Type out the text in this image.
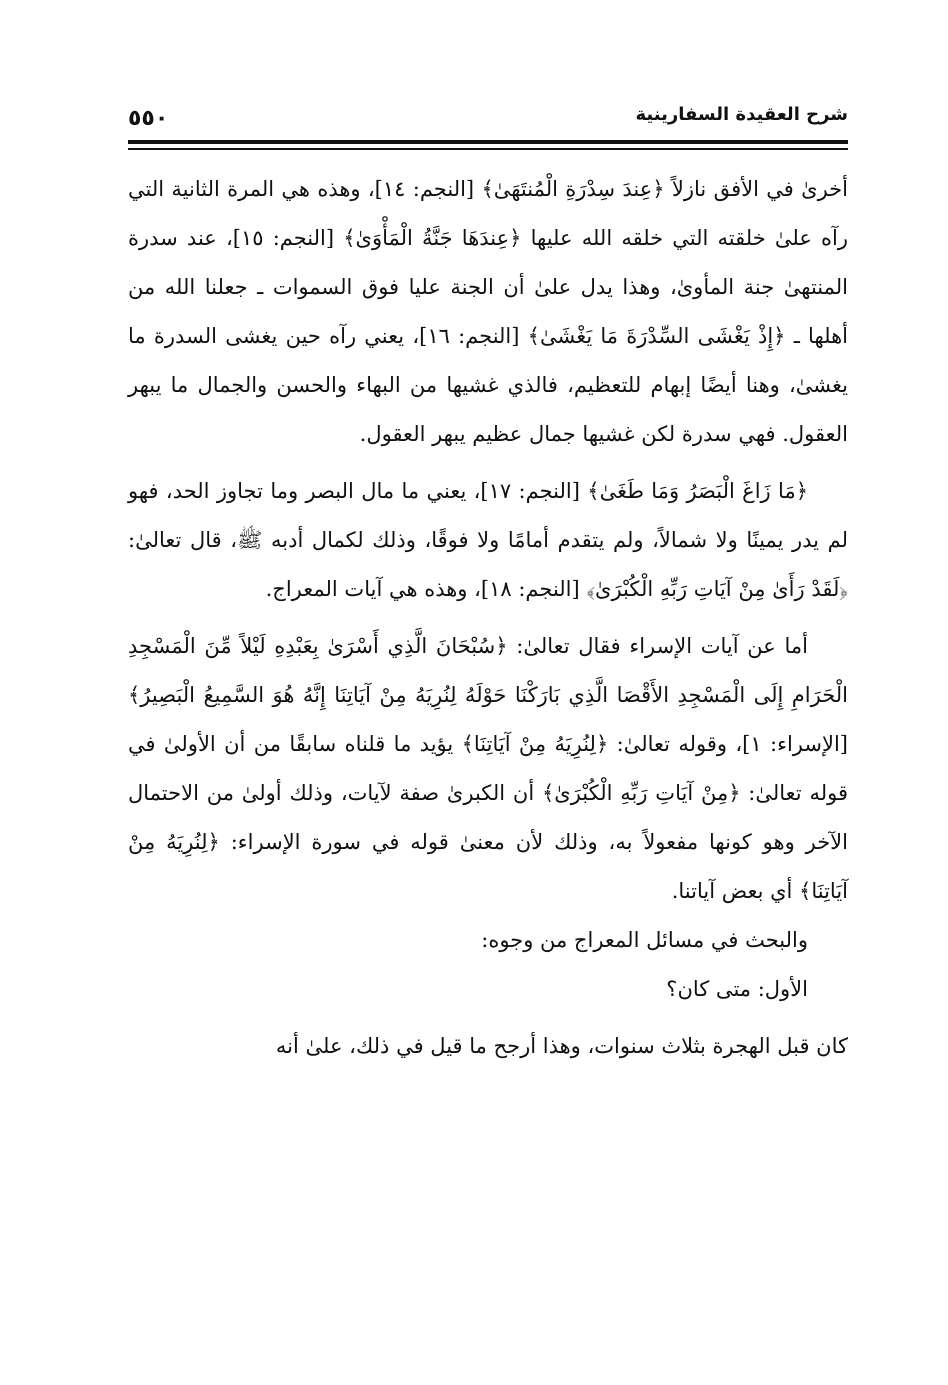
٥٥٠	شرح العقيدة السفارينية

أخرىٰ في الأفق نازلاً ﴿عِندَ سِدْرَةِ الْمُنتَهَىٰ﴾ [النجم: ١٤]، وهذه هي المرة الثانية التي رآه علىٰ خلقته التي خلقه الله عليها ﴿عِندَهَا جَنَّةُ الْمَأْوَىٰ﴾ [النجم: ١٥]، عند سدرة المنتهىٰ جنة المأوىٰ، وهذا يدل علىٰ أن الجنة عليا فوق السموات ـ جعلنا الله من أهلها ـ ﴿إِذْ يَغْشَى السِّدْرَةَ مَا يَغْشَىٰ﴾ [النجم: ١٦]، يعني رآه حين يغشى السدرة ما يغشىٰ، وهنا أيضًا إبهام للتعظيم، فالذي غشيها من البهاء والحسن والجمال ما يبهر العقول. فهي سدرة لكن غشيها جمال عظيم يبهر العقول.

﴿مَا زَاغَ الْبَصَرُ وَمَا طَغَىٰ﴾ [النجم: ١٧]، يعني ما مال البصر وما تجاوز الحد، فهو لم يدر يمينًا ولا شمالاً، ولم يتقدم أمامًا ولا فوقًا، وذلك لكمال أدبه ﷺ، قال تعالىٰ: ﴿لَقَدْ رَأَىٰ مِنْ آيَاتِ رَبِّهِ الْكُبْرَىٰ﴾ [النجم: ١٨]، وهذه هي آيات المعراج.

أما عن آيات الإسراء فقال تعالىٰ: ﴿سُبْحَانَ الَّذِي أَسْرَىٰ بِعَبْدِهِ لَيْلاً مِّنَ الْمَسْجِدِ الْحَرَامِ إِلَى الْمَسْجِدِ الأَقْصَا الَّذِي بَارَكْنَا حَوْلَهُ لِنُرِيَهُ مِنْ آيَاتِنَا إِنَّهُ هُوَ السَّمِيعُ الْبَصِيرُ﴾ [الإسراء: ١]، وقوله تعالىٰ: ﴿لِنُرِيَهُ مِنْ آيَاتِنَا﴾ يؤيد ما قلناه سابقًا من أن الأولىٰ في قوله تعالىٰ: ﴿مِنْ آيَاتِ رَبِّهِ الْكُبْرَىٰ﴾ أن الكبرىٰ صفة لآيات، وذلك أولىٰ من الاحتمال الآخر وهو كونها مفعولاً به، وذلك لأن معنىٰ قوله في سورة الإسراء: ﴿لِنُرِيَهُ مِنْ آيَاتِنَا﴾ أي بعض آياتنا.

والبحث في مسائل المعراج من وجوه:

الأول: متى كان؟

كان قبل الهجرة بثلاث سنوات، وهذا أرجح ما قيل في ذلك، علىٰ أنه
